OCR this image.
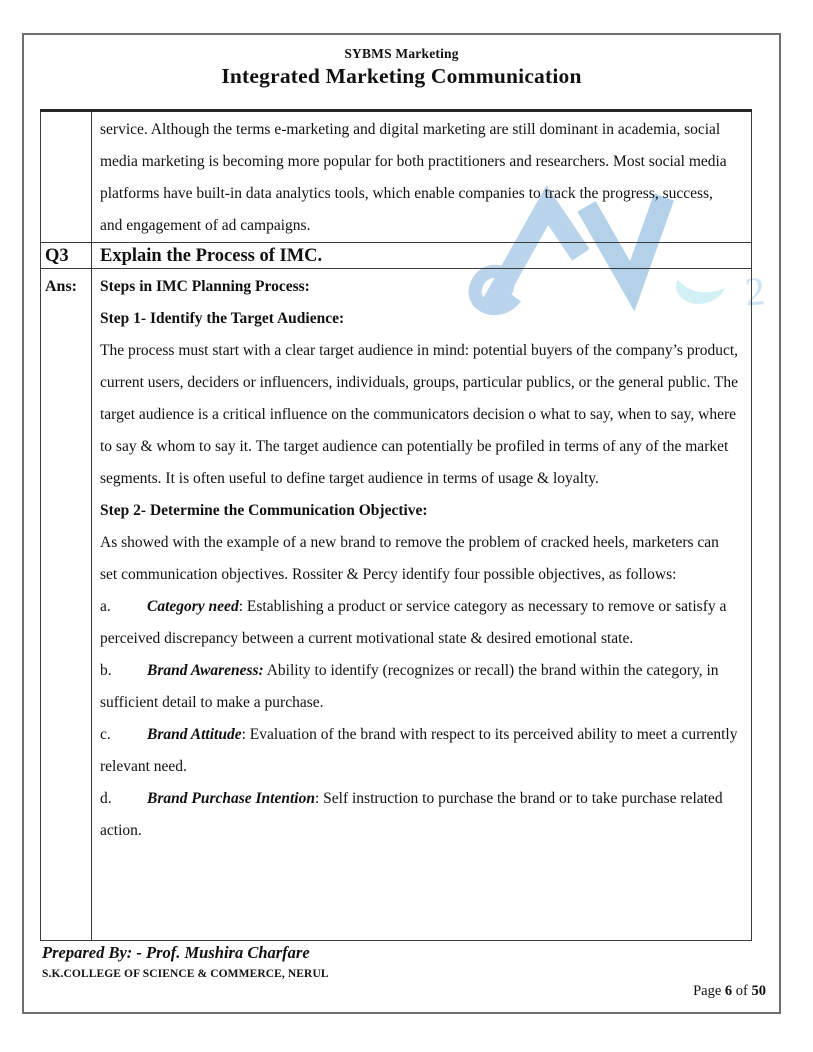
2
SYBMS Marketing
Integrated Marketing Communication

service. Although the terms e-marketing and digital marketing are still dominant in academia, social media marketing is becoming more popular for both practitioners and researchers. Most social media platforms have built-in data analytics tools, which enable companies to track the progress, success, and engagement of ad campaigns.

Q3	Explain the Process of IMC.
Ans:	Steps in IMC Planning Process:

Step 1- Identify the Target Audience:

The process must start with a clear target audience in mind: potential buyers of the company’s product, current users, deciders or influencers, individuals, groups, particular publics, or the general public. The target audience is a critical influence on the communicators decision o what to say, when to say, where to say & whom to say it. The target audience can potentially be profiled in terms of any of the market segments. It is often useful to define target audience in terms of usage & loyalty.

Step 2- Determine the Communication Objective:

As showed with the example of a new brand to remove the problem of cracked heels, marketers can set communication objectives. Rossiter & Percy identify four possible objectives, as follows:

a. Category need: Establishing a product or service category as necessary to remove or satisfy a perceived discrepancy between a current motivational state & desired emotional state.

b. Brand Awareness: Ability to identify (recognizes or recall) the brand within the category, in sufficient detail to make a purchase.

c. Brand Attitude: Evaluation of the brand with respect to its perceived ability to meet a currently relevant need.

d. Brand Purchase Intention: Self instruction to purchase the brand or to take purchase related action.

Prepared By: - Prof. Mushira Charfare
S.K.COLLEGE OF SCIENCE & COMMERCE, NERUL
Page 6 of 50
